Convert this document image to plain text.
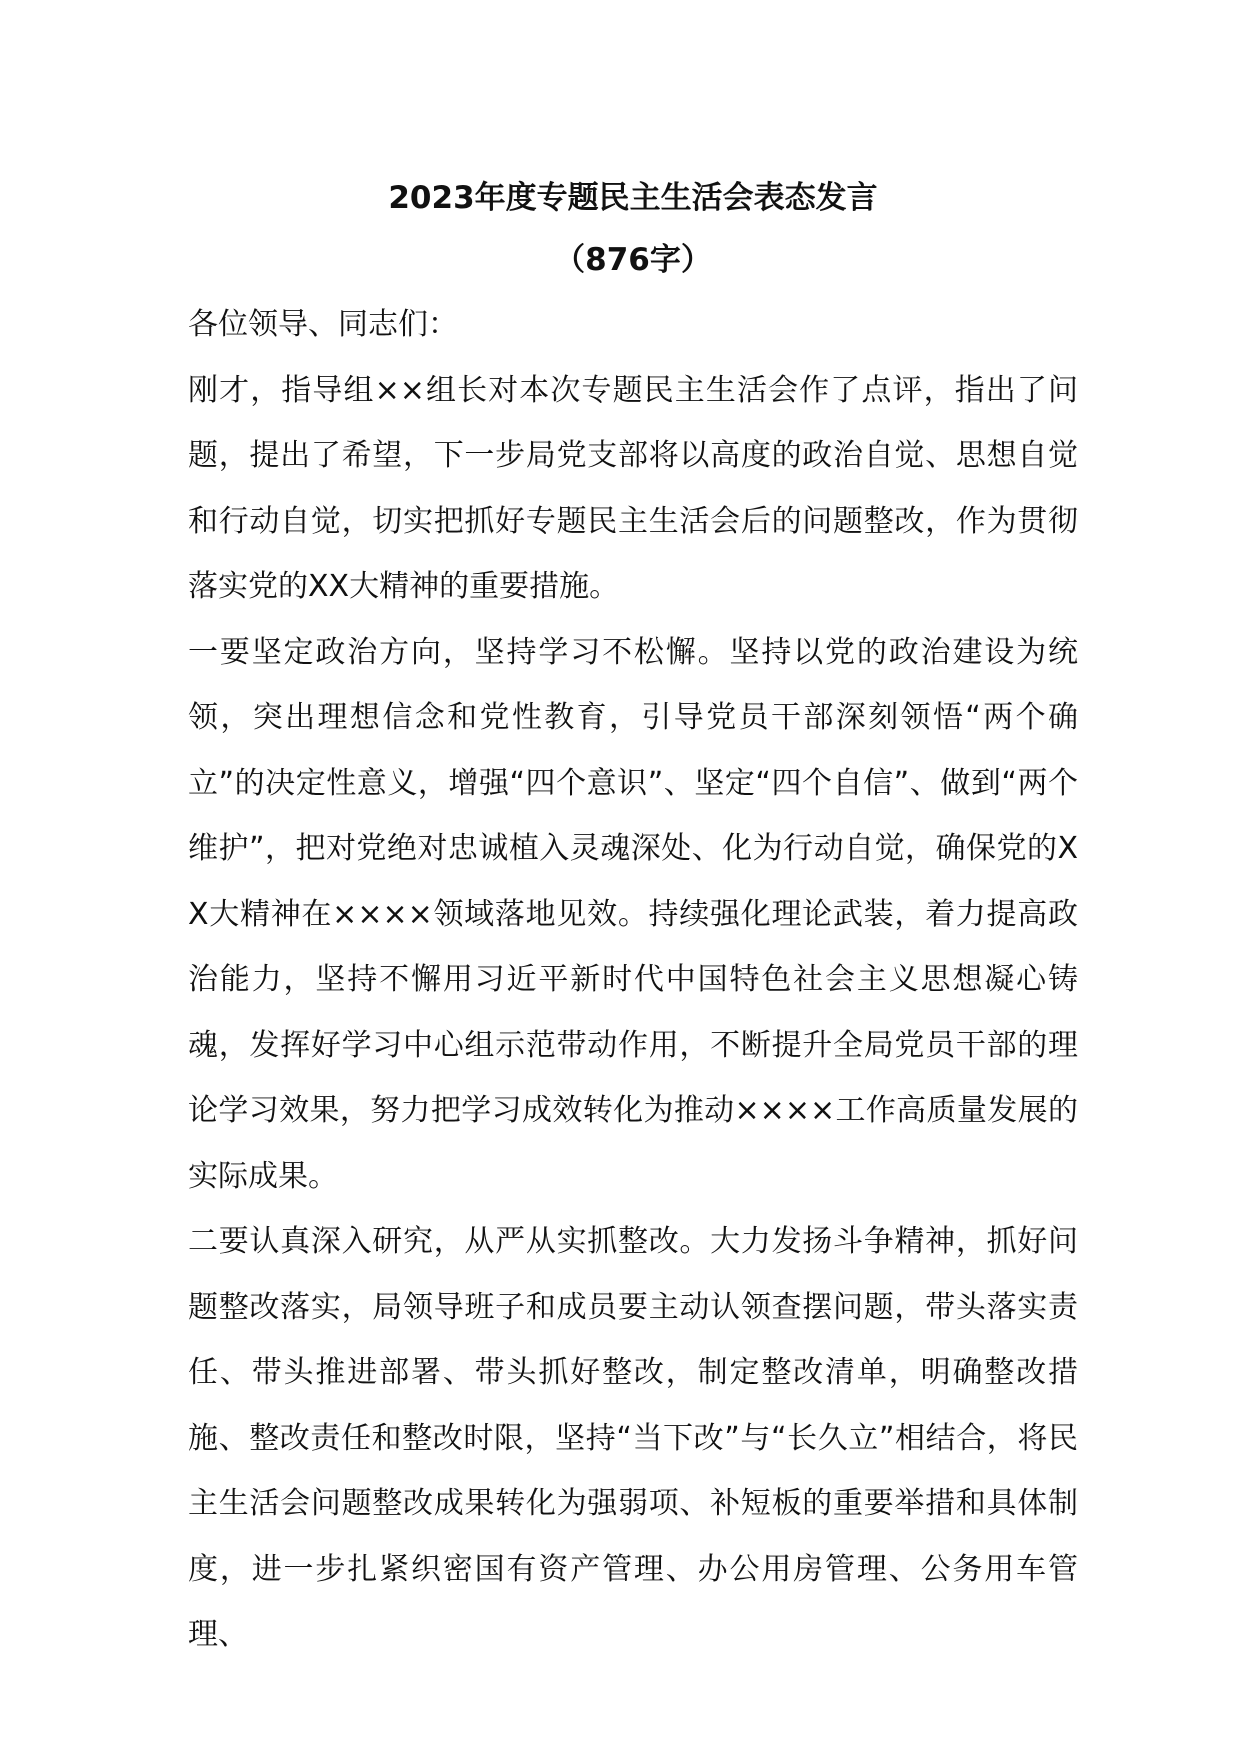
2023年度专题民主生活会表态发言
（876字）

各位领导、同志们：

刚才，指导组××组长对本次专题民主生活会作了点评，指出了问题，提出了希望，下一步局党支部将以高度的政治自觉、思想自觉和行动自觉，切实把抓好专题民主生活会后的问题整改，作为贯彻落实党的XX大精神的重要措施。

一要坚定政治方向，坚持学习不松懈。坚持以党的政治建设为统领，突出理想信念和党性教育，引导党员干部深刻领悟“两个确立”的决定性意义，增强“四个意识”、坚定“四个自信”、做到“两个维护”，把对党绝对忠诚植入灵魂深处、化为行动自觉，确保党的XX大精神在××××领域落地见效。持续强化理论武装，着力提高政治能力，坚持不懈用习近平新时代中国特色社会主义思想凝心铸魂，发挥好学习中心组示范带动作用，不断提升全局党员干部的理论学习效果，努力把学习成效转化为推动××××工作高质量发展的实际成果。

二要认真深入研究，从严从实抓整改。大力发扬斗争精神，抓好问题整改落实，局领导班子和成员要主动认领查摆问题，带头落实责任、带头推进部署、带头抓好整改，制定整改清单，明确整改措施、整改责任和整改时限，坚持“当下改”与“长久立”相结合，将民主生活会问题整改成果转化为强弱项、补短板的重要举措和具体制度，进一步扎紧织密国有资产管理、办公用房管理、公务用车管理、
